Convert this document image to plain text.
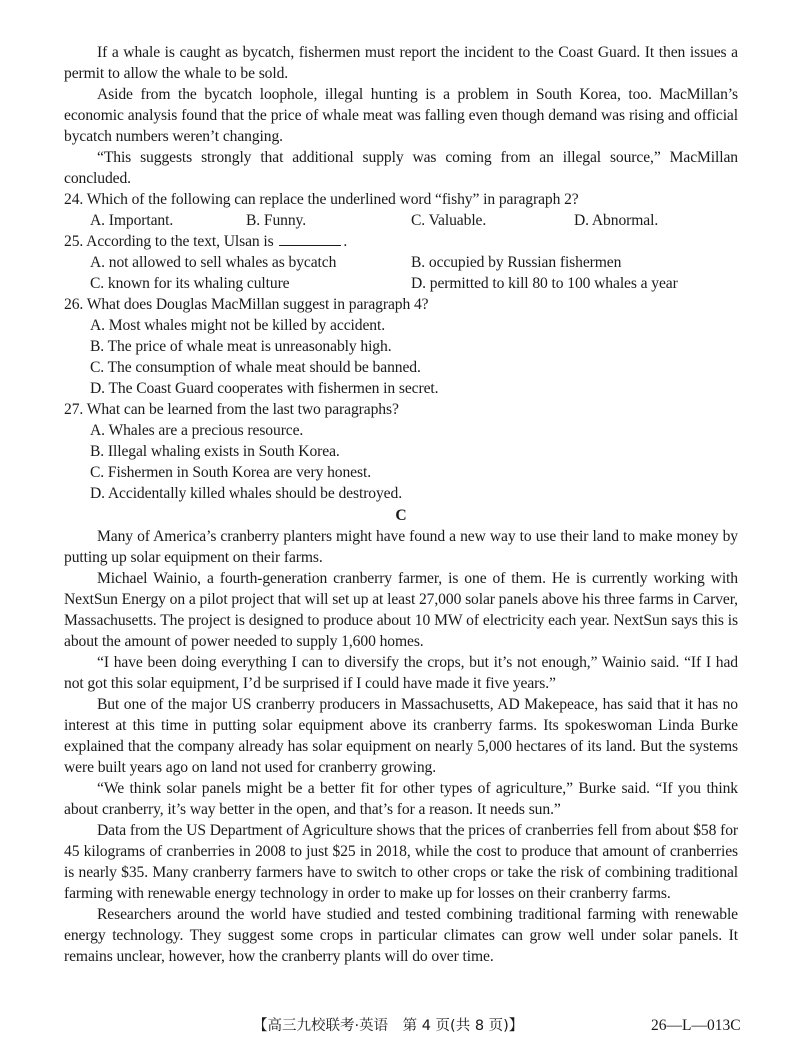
If a whale is caught as bycatch, fishermen must report the incident to the Coast Guard. It then issues a permit to allow the whale to be sold.

Aside from the bycatch loophole, illegal hunting is a problem in South Korea, too. MacMillan’s economic analysis found that the price of whale meat was falling even though demand was rising and official bycatch numbers weren’t changing.

“This suggests strongly that additional supply was coming from an illegal source,” MacMillan concluded.

24. Which of the following can replace the underlined word “fishy” in paragraph 2?
A. Important.	B. Funny.	C. Valuable.	D. Abnormal.
25. According to the text, Ulsan is	.
A. not allowed to sell whales as bycatch	B. occupied by Russian fishermen
C. known for its whaling culture	D. permitted to kill 80 to 100 whales a year
26. What does Douglas MacMillan suggest in paragraph 4?
A. Most whales might not be killed by accident.
B. The price of whale meat is unreasonably high.
C. The consumption of whale meat should be banned.
D. The Coast Guard cooperates with fishermen in secret.
27. What can be learned from the last two paragraphs?
A. Whales are a precious resource.
B. Illegal whaling exists in South Korea.
C. Fishermen in South Korea are very honest.
D. Accidentally killed whales should be destroyed.
C

Many of America’s cranberry planters might have found a new way to use their land to make money by putting up solar equipment on their farms.

Michael Wainio, a fourth-generation cranberry farmer, is one of them. He is currently working with NextSun Energy on a pilot project that will set up at least 27,000 solar panels above his three farms in Carver, Massachusetts. The project is designed to produce about 10 MW of electricity each year. NextSun says this is about the amount of power needed to supply 1,600 homes.

“I have been doing everything I can to diversify the crops, but it’s not enough,” Wainio said. “If I had not got this solar equipment, I’d be surprised if I could have made it five years.”

But one of the major US cranberry producers in Massachusetts, AD Makepeace, has said that it has no interest at this time in putting solar equipment above its cranberry farms. Its spokeswoman Linda Burke explained that the company already has solar equipment on nearly 5,000 hectares of its land. But the systems were built years ago on land not used for cranberry growing.

“We think solar panels might be a better fit for other types of agriculture,” Burke said. “If you think about cranberry, it’s way better in the open, and that’s for a reason. It needs sun.”

Data from the US Department of Agriculture shows that the prices of cranberries fell from about $58 for 45 kilograms of cranberries in 2008 to just $25 in 2018, while the cost to produce that amount of cranberries is nearly $35. Many cranberry farmers have to switch to other crops or take the risk of combining traditional farming with renewable energy technology in order to make up for losses on their cranberry farms.

Researchers around the world have studied and tested combining traditional farming with renewable energy technology. They suggest some crops in particular climates can grow well under solar panels. It remains unclear, however, how the cranberry plants will do over time.

【高三九校联考·英语　第 4 页(共 8 页)】	26—L—013C
